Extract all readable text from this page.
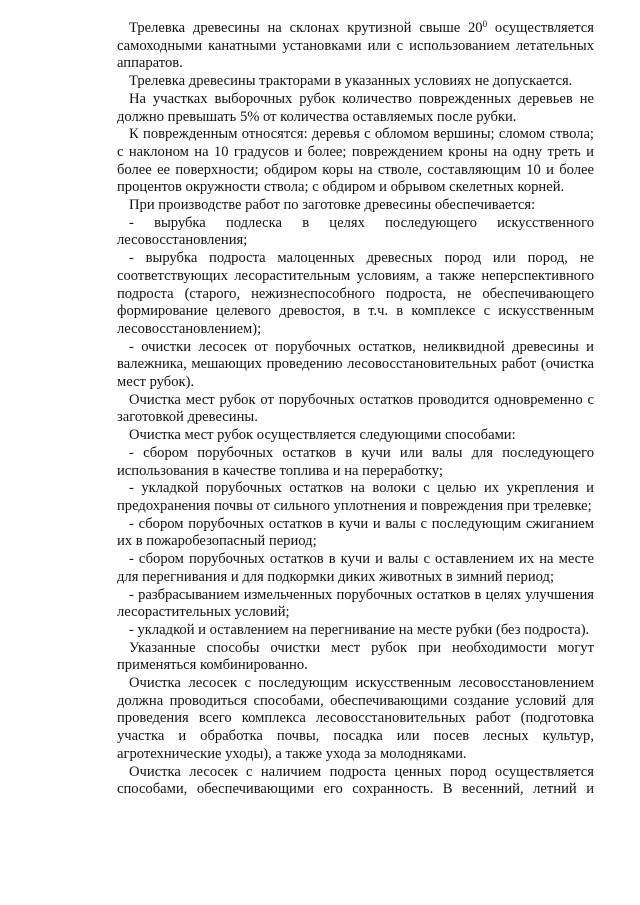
Трелевка древесины на склонах крутизной свыше $20^0$ осуществляется самоходными канатными установками или с использованием летательных аппаратов.

Трелевка древесины тракторами в указанных условиях не допускается.

На участках выборочных рубок количество поврежденных деревьев не должно превышать 5% от количества оставляемых после рубки.

К поврежденным относятся: деревья с обломом вершины; сломом ствола; с наклоном на 10 градусов и более; повреждением кроны на одну треть и более ее поверхности; обдиром коры на стволе, составляющим 10 и более процентов окружности ствола; с обдиром и обрывом скелетных корней.

При производстве работ по заготовке древесины обеспечивается:

- вырубка подлеска в целях последующего искусственного лесовосстановления;

- вырубка подроста малоценных древесных пород или пород, не соответствующих лесорастительным условиям, а также неперспективного подроста (старого, нежизнеспособного подроста, не обеспечивающего формирование целевого древостоя, в т.ч. в комплексе с искусственным лесовосстановлением);

- очистки лесосек от порубочных остатков, неликвидной древесины и валежника, мешающих проведению лесовосстановительных работ (очистка мест рубок).

Очистка мест рубок от порубочных остатков проводится одновременно с заготовкой древесины.

Очистка мест рубок осуществляется следующими способами:

- сбором порубочных остатков в кучи или валы для последующего использования в качестве топлива и на переработку;

- укладкой порубочных остатков на волоки с целью их укрепления и предохранения почвы от сильного уплотнения и повреждения при трелевке;

- сбором порубочных остатков в кучи и валы с последующим сжиганием их в пожаробезопасный период;

- сбором порубочных остатков в кучи и валы с оставлением их на месте для перегнивания и для подкормки диких животных в зимний период;

- разбрасыванием измельченных порубочных остатков в целях улучшения лесорастительных условий;

- укладкой и оставлением на перегнивание на месте рубки (без подроста).

Указанные способы очистки мест рубок при необходимости могут применяться комбинированно.

Очистка лесосек с последующим искусственным лесовосстановлением должна проводиться способами, обеспечивающими создание условий для проведения всего комплекса лесовосстановительных работ (подготовка участка и обработка почвы, посадка или посев лесных культур, агротехнические уходы), а также ухода за молодняками.

Очистка лесосек с наличием подроста ценных пород осуществляется способами, обеспечивающими его сохранность. В весенний, летний и
